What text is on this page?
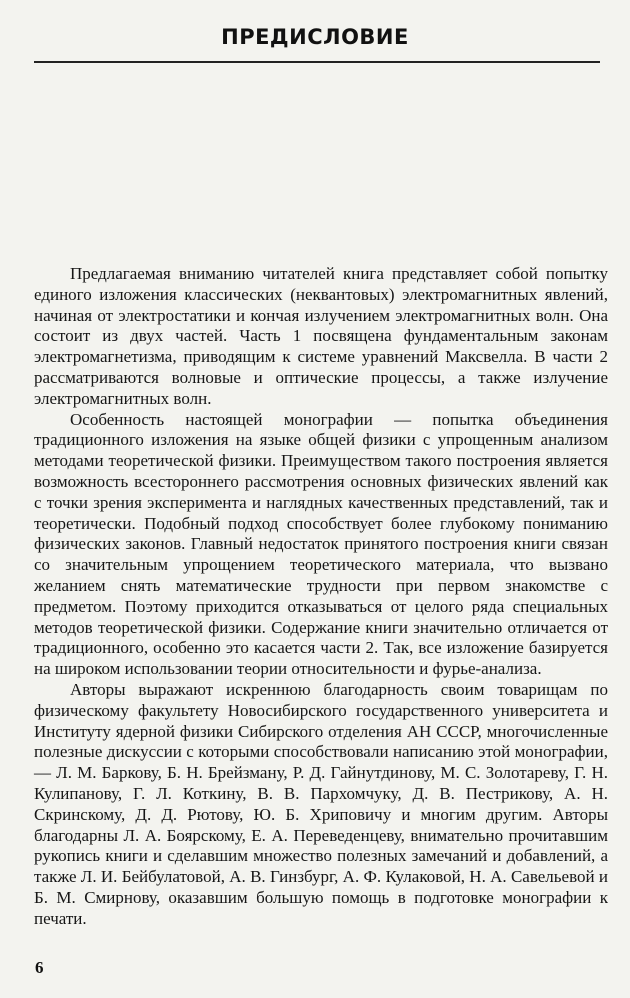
ПРЕДИСЛОВИЕ

Предлагаемая вниманию читателей книга представляет собой попытку единого изложения классических (неквантовых) электромагнитных явлений, начиная от электростатики и кончая излучением электромагнитных волн. Она состоит из двух частей. Часть 1 посвящена фундаментальным законам электромагнетизма, приводящим к системе уравнений Максвелла. В части 2 рассматриваются волновые и оптические процессы, а также излучение электромагнитных волн.

Особенность настоящей монографии — попытка объединения традиционного изложения на языке общей физики с упрощенным анализом методами теоретической физики. Преимуществом такого построения является возможность всестороннего рассмотрения основных физических явлений как с точки зрения эксперимента и наглядных качественных представлений, так и теоретически. Подобный подход способствует более глубокому пониманию физических законов. Главный недостаток принятого построения книги связан со значительным упрощением теоретического материала, что вызвано желанием снять математические трудности при первом знакомстве с предметом. Поэтому приходится отказываться от целого ряда специальных методов теоретической физики. Содержание книги значительно отличается от традиционного, особенно это касается части 2. Так, все изложение базируется на широком использовании теории относительности и фурье-анализа.

Авторы выражают искреннюю благодарность своим товарищам по физическому факультету Новосибирского государственного университета и Институту ядерной физики Сибирского отделения АН СССР, многочисленные полезные дискуссии с которыми способствовали написанию этой монографии,— Л. М. Баркову, Б. Н. Брейзману, Р. Д. Гайнутдинову, М. С. Золотареву, Г. Н. Кулипанову, Г. Л. Коткину, В. В. Пархомчуку, Д. В. Пестрикову, А. Н. Скринскому, Д. Д. Рютову, Ю. Б. Хриповичу и многим другим. Авторы благодарны Л. А. Боярскому, Е. А. Переведенцеву, внимательно прочитавшим рукопись книги и сделавшим множество полезных замечаний и добавлений, а также Л. И. Бейбулатовой, А. В. Гинзбург, А. Ф. Кулаковой, Н. А. Савельевой и Б. М. Смирнову, оказавшим большую помощь в подготовке монографии к печати.

6
